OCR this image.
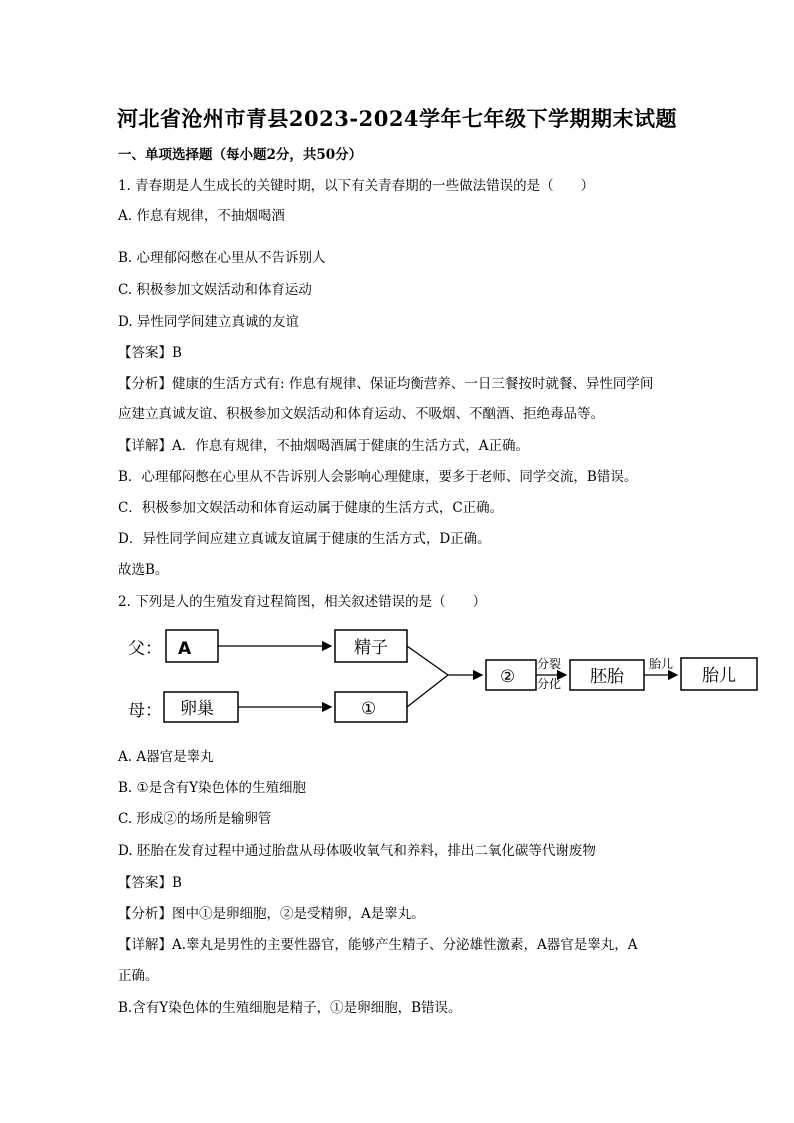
河北省沧州市青县2023-2024学年七年级下学期期末试题
一、单项选择题（每小题2分，共50分）
1. 青春期是人生成长的关键时期，以下有关青春期的一些做法错误的是（　　）
A. 作息有规律，不抽烟喝酒
B. 心理郁闷憋在心里从不告诉别人
C. 积极参加文娱活动和体育运动
D. 异性同学间建立真诚的友谊
【答案】B
【分析】健康的生活方式有: 作息有规律、保证均衡营养、一日三餐按时就餐、异性同学间
应建立真诚友谊、积极参加文娱活动和体育运动、不吸烟、不酗酒、拒绝毒品等。
【详解】A．作息有规律，不抽烟喝酒属于健康的生活方式，A正确。
B．心理郁闷憋在心里从不告诉别人会影响心理健康，要多于老师、同学交流，B错误。
C．积极参加文娱活动和体育运动属于健康的生活方式，C正确。
D．异性同学间应建立真诚友谊属于健康的生活方式，D正确。
故选B。
2. 下列是人的生殖发育过程简图，相关叙述错误的是（　　）
父： A	精子
母： 卵巢	①
②
分裂
分化 胚胎
胎儿
胎儿
A. A器官是睾丸
B. ①是含有Y染色体的生殖细胞
C. 形成②的场所是输卵管
D. 胚胎在发育过程中通过胎盘从母体吸收氧气和养料，排出二氧化碳等代谢废物
【答案】B
【分析】图中①是卵细胞，②是受精卵，A是睾丸。
【详解】A.睾丸是男性的主要性器官，能够产生精子、分泌雄性激素，A器官是睾丸，A
正确。
B.含有Y染色体的生殖细胞是精子，①是卵细胞，B错误。
